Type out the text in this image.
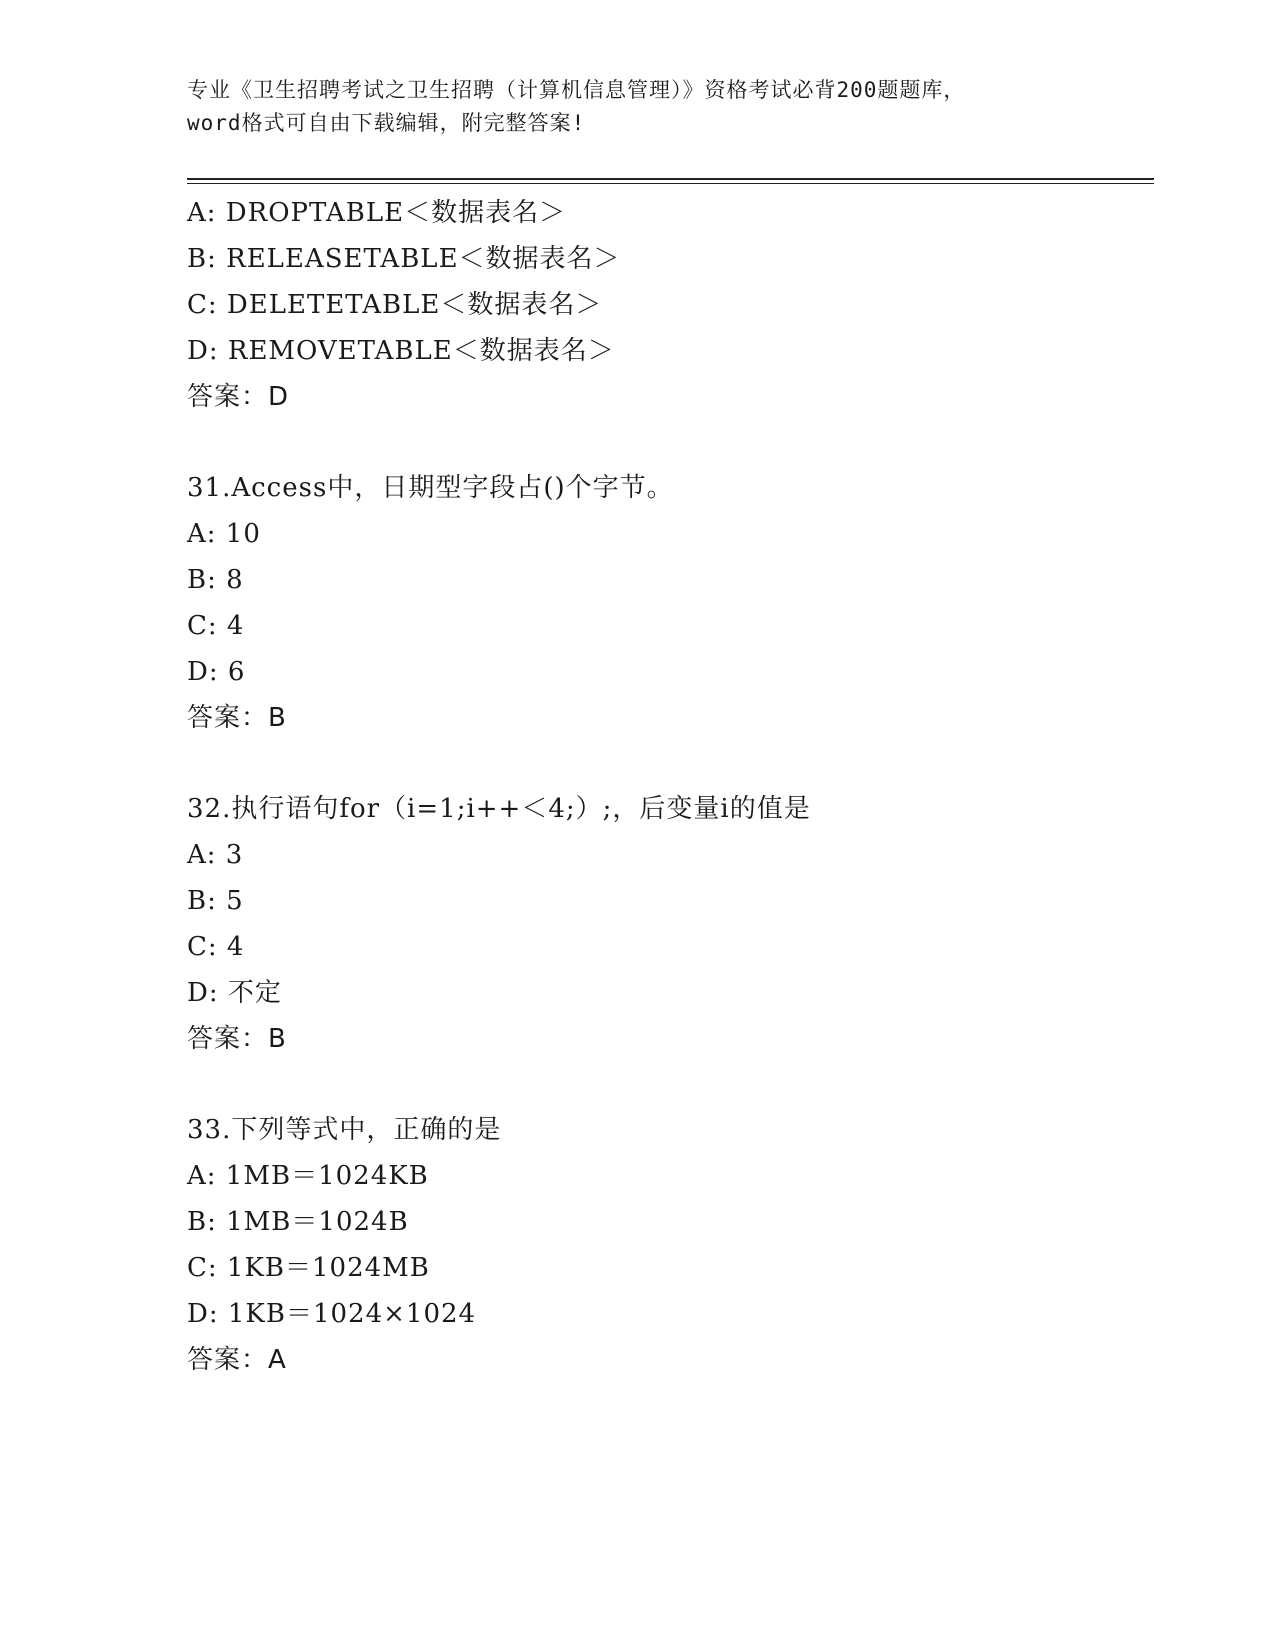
专业《卫生招聘考试之卫生招聘（计算机信息管理）》资格考试必背200题题库，
word格式可自由下载编辑，附完整答案!
A: DROPTABLE＜数据表名＞
B: RELEASETABLE＜数据表名＞
C: DELETETABLE＜数据表名＞
D: REMOVETABLE＜数据表名＞
答案：D
31.Access中，日期型字段占()个字节。
A: 10
B: 8
C: 4
D: 6
答案：B
32.执行语句for（i=1;i++＜4;）;，后变量i的值是
A: 3
B: 5
C: 4
D: 不定
答案：B
33.下列等式中，正确的是
A: 1MB＝1024KB
B: 1MB＝1024B
C: 1KB＝1024MB
D: 1KB＝1024×1024
答案：A
